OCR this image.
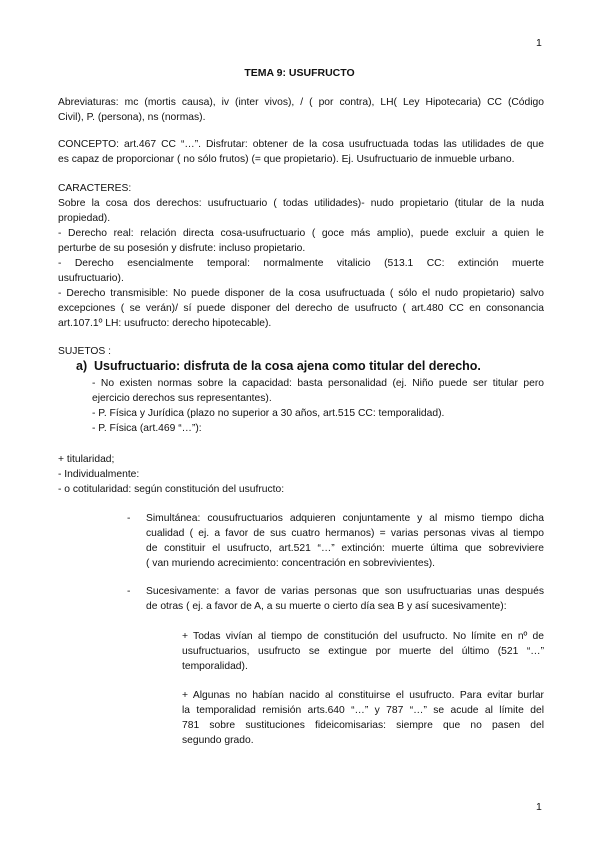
1
TEMA 9: USUFRUCTO
Abreviaturas: mc (mortis causa), iv (inter vivos), / ( por contra), LH( Ley Hipotecaria) CC (Código
Civil), P. (persona), ns (normas).
CONCEPTO: art.467 CC “…”. Disfrutar: obtener de la cosa usufructuada todas las utilidades de que
es capaz de proporcionar ( no sólo frutos) (= que propietario). Ej. Usufructuario de inmueble urbano.
CARACTERES:
Sobre la cosa dos derechos: usufructuario ( todas utilidades)- nudo propietario (titular de la nuda
propiedad).
- Derecho real: relación directa cosa-usufructuario ( goce más amplio), puede excluir a quien le
perturbe de su posesión y disfrute: incluso propietario.
- Derecho esencialmente temporal: normalmente vitalicio (513.1 CC: extinción muerte
usufructuario).
- Derecho transmisible: No puede disponer de la cosa usufructuada ( sólo el nudo propietario) salvo
excepciones ( se verán)/ sí puede disponer del derecho de usufructo ( art.480 CC en consonancia
art.107.1º LH: usufructo: derecho hipotecable).
SUJETOS :
a) Usufructuario: disfruta de la cosa ajena como titular del derecho.
- No existen normas sobre la capacidad: basta personalidad (ej. Niño puede ser titular pero
ejercicio derechos sus representantes).
- P. Física y Jurídica (plazo no superior a 30 años, art.515 CC: temporalidad).
- P. Física (art.469 “…”):
+ titularidad;
- Individualmente:
- o cotitularidad: según constitución del usufructo:
- Simultánea: cousufructuarios adquieren conjuntamente y al mismo tiempo dicha
cualidad ( ej. a favor de sus cuatro hermanos) = varias personas vivas al tiempo
de constituir el usufructo, art.521 “…” extinción: muerte última que sobreviviere
( van muriendo acrecimiento: concentración en sobrevivientes).
- Sucesivamente: a favor de varias personas que son usufructuarias unas después
de otras ( ej. a favor de A, a su muerte o cierto día sea B y así sucesivamente):
+ Todas vivían al tiempo de constitución del usufructo. No límite en nº de
usufructuarios, usufructo se extingue por muerte del último (521 “…”
temporalidad).
+ Algunas no habían nacido al constituirse el usufructo. Para evitar burlar
la temporalidad remisión arts.640 “…” y 787 “…” se acude al límite del
781 sobre sustituciones fideicomisarias: siempre que no pasen del
segundo grado.
1
